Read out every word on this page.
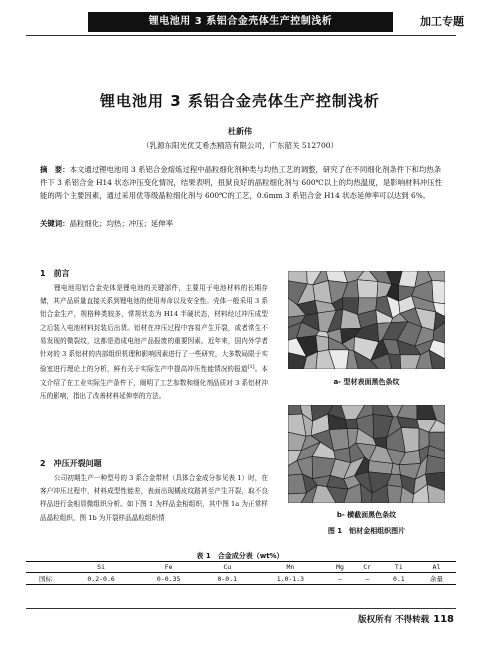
锂电池用 3 系铝合金壳体生产控制浅析	加工专题
锂电池用 3 系铝合金壳体生产控制浅析
杜新伟
（乳源东阳光优艾希杰精箔有限公司，广东韶关 512700）
摘　要：本文通过锂电池用 3 系铝合金熔炼过程中晶粒细化剂种类与均热工艺的调整，研究了在不同细化剂条件下和均热条件下 3 系铝合金 H14 状态冲压变化情况，结果表明，扭狱良好的晶粒细化剂与 600℃以上的均热温度，是影响材料冲压性能的两个主要因素，通过采用优等级晶粒细化剂与 600℃的工艺，0.6mm 3 系铝合金 H14 状态延伸率可以达到 6%。
关键词：晶粒细化；均热；冲压；延伸率
1　前言
锂电池用铝合金壳体是锂电池的关键部件，主要用于电池材料的长期存储，其产品质量直接关系到锂电池的使用寿命以及安全性。壳体一般采用 3 系铝合金生产，规格种类较多，常规状态为 H14 半硬状态，材料经过冲压成型之后装入电池材料封装后出货。铝材在冲压过程中容易产生开裂，或者常生不易发现的微裂纹，这都是造成电池产品报废的重要因素。近年来，国内外学者针对的 3 系铝材的内部组织机理和影响因素进行了一些研究，大多数局限于实验室进行理论上的分析，鲜有关于实际生产中提高冲压性能情况的报道[1]。本文介绍了在工业实际生产条件下，阐明了工艺参数和细化剂品质对 3 系铝材冲压的影响，指出了改善材料延伸率的方法。
2　冲压开裂问题
公司初期生产一种型号的 3 系合金带材（具体合金成分参见表 1）时，在客户冲压过程中，材料成型性能差，表面出现橘皮纹路甚至产生开裂，取不良样品进行金相显微组织分析。如下图 1 为样品金相组织，其中图 1a 为正常样品晶粒组织，图 1b 为开裂样品晶粒组织情
a- 型材表面黑色条纹
b- 横截面黑色条纹
图 1　铝材金相组织图片
表 1　合金成分表（wt%）
	Si	Fe	Cu	Mn	Mg	Cr	Ti	Al
国标	0.2-0.6	0-0.35	0-0.1	1.0-1.3	—	—	0.1	余量
版权所有 不得转载 118
